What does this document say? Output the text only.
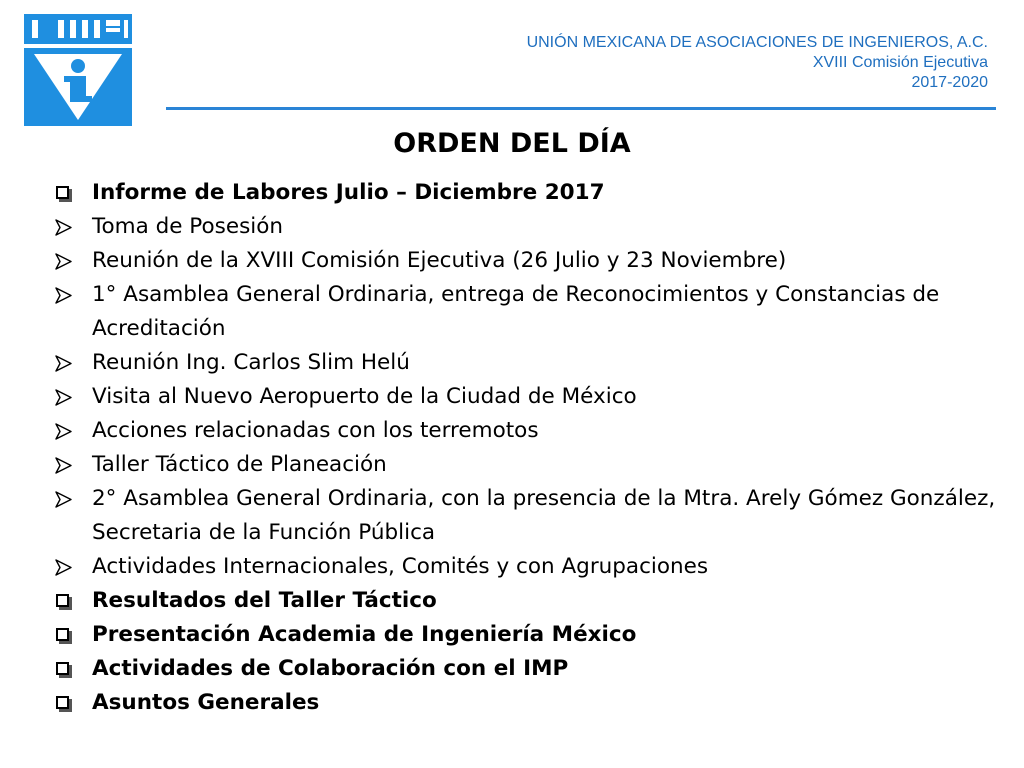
UNIÓN MEXICANA DE ASOCIACIONES DE INGENIEROS, A.C.
XVIII Comisión Ejecutiva
2017-2020
ORDEN DEL DÍA
Informe de Labores Julio – Diciembre 2017
Toma de Posesión
Reunión de la XVIII Comisión Ejecutiva (26 Julio y 23 Noviembre)
1° Asamblea General Ordinaria, entrega de Reconocimientos y Constancias de Acreditación
Reunión Ing. Carlos Slim Helú
Visita al Nuevo Aeropuerto de la Ciudad de México
Acciones relacionadas con los terremotos
Taller Táctico de Planeación
2° Asamblea General Ordinaria, con la presencia de la Mtra. Arely Gómez González, Secretaria de la Función Pública
Actividades Internacionales, Comités y con Agrupaciones
Resultados del Taller Táctico
Presentación Academia de Ingeniería México
Actividades de Colaboración con el IMP
Asuntos Generales
